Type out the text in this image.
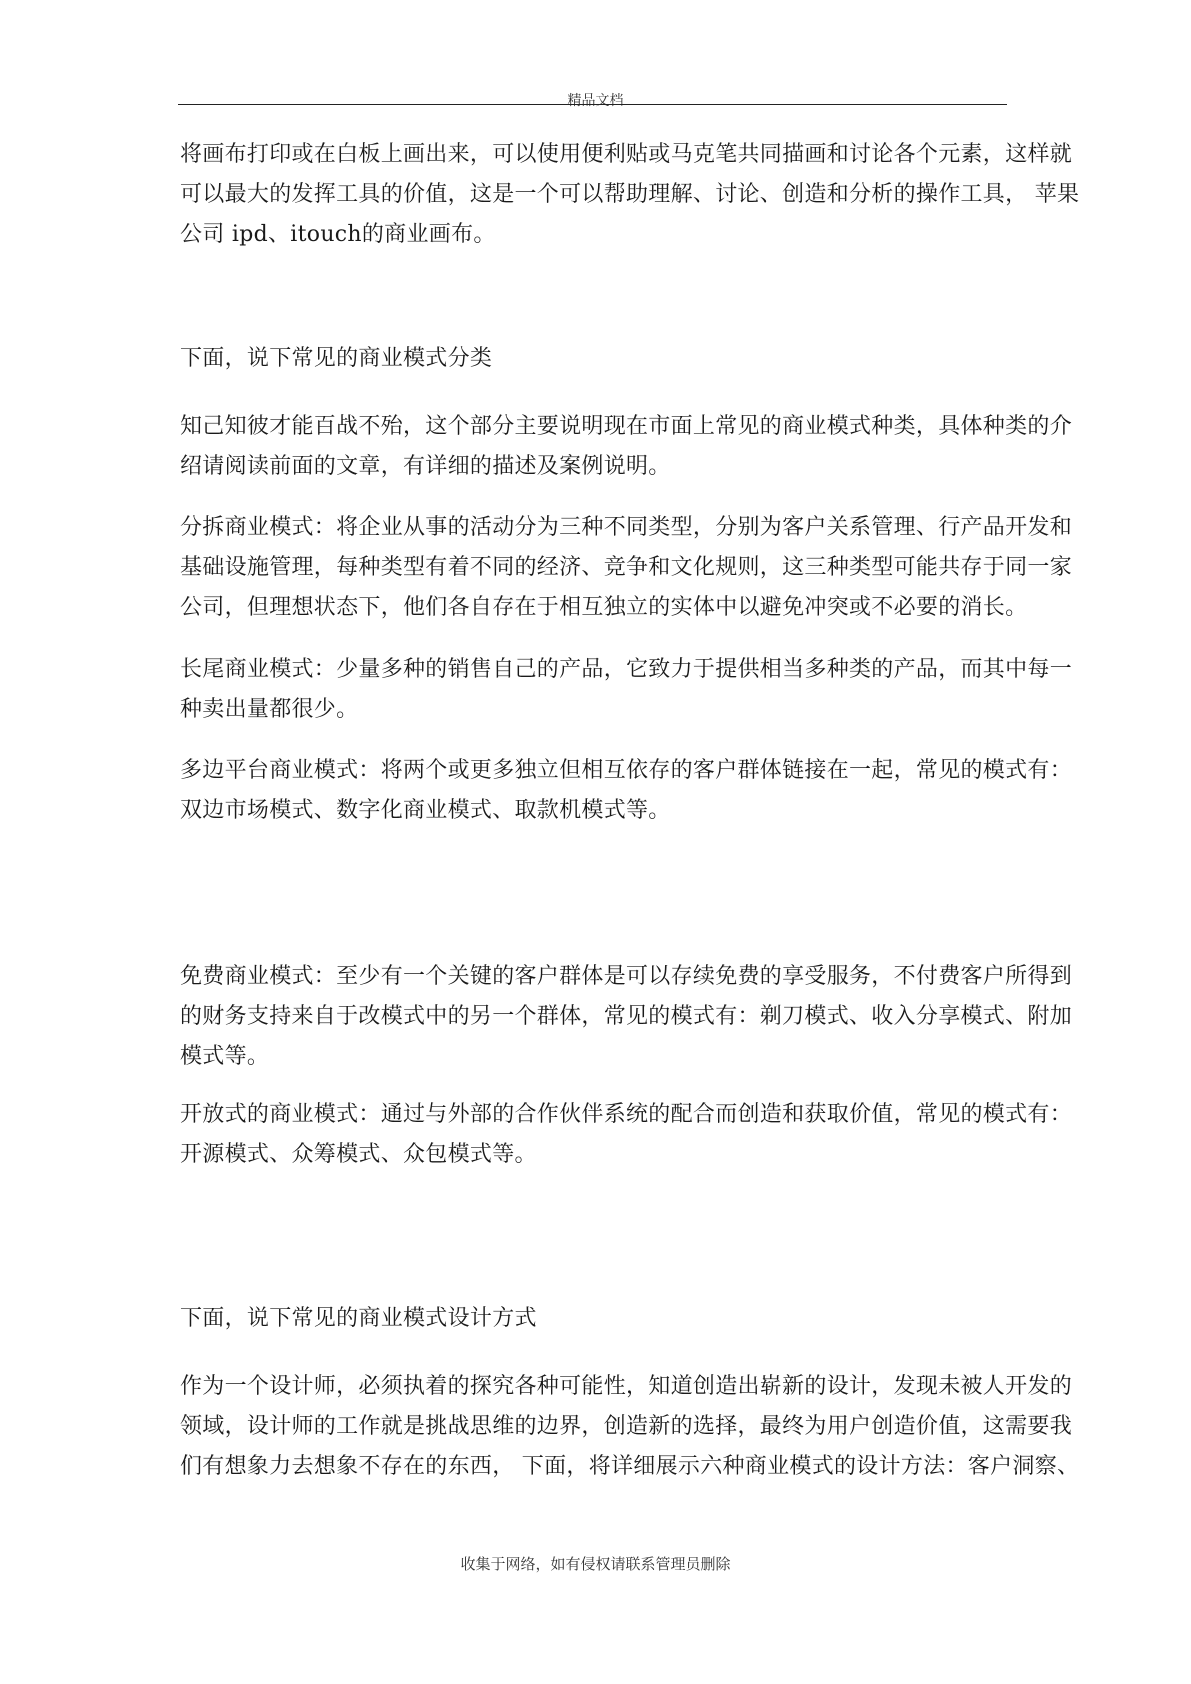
精品文档

将画布打印或在白板上画出来，可以使用便利贴或马克笔共同描画和讨论各个元素，这样就

可以最大的发挥工具的价值，这是一个可以帮助理解、讨论、创造和分析的操作工具， 苹果

公司 ipd、itouch的商业画布。

下面，说下常见的商业模式分类

知己知彼才能百战不殆，这个部分主要说明现在市面上常见的商业模式种类，具体种类的介

绍请阅读前面的文章，有详细的描述及案例说明。

分拆商业模式：将企业从事的活动分为三种不同类型，分别为客户关系管理、行产品开发和

基础设施管理，每种类型有着不同的经济、竞争和文化规则，这三种类型可能共存于同一家

公司，但理想状态下，他们各自存在于相互独立的实体中以避免冲突或不必要的消长。

长尾商业模式：少量多种的销售自己的产品，它致力于提供相当多种类的产品，而其中每一

种卖出量都很少。

多边平台商业模式：将两个或更多独立但相互依存的客户群体链接在一起，常见的模式有：

双边市场模式、数字化商业模式、取款机模式等。

免费商业模式：至少有一个关键的客户群体是可以存续免费的享受服务，不付费客户所得到

的财务支持来自于改模式中的另一个群体，常见的模式有：剃刀模式、收入分享模式、附加

模式等。

开放式的商业模式：通过与外部的合作伙伴系统的配合而创造和获取价值，常见的模式有：

开源模式、众筹模式、众包模式等。

下面，说下常见的商业模式设计方式

作为一个设计师，必须执着的探究各种可能性，知道创造出崭新的设计，发现未被人开发的

领域，设计师的工作就是挑战思维的边界，创造新的选择，最终为用户创造价值，这需要我

们有想象力去想象不存在的东西， 下面，将详细展示六种商业模式的设计方法：客户洞察、

收集于网络，如有侵权请联系管理员删除
